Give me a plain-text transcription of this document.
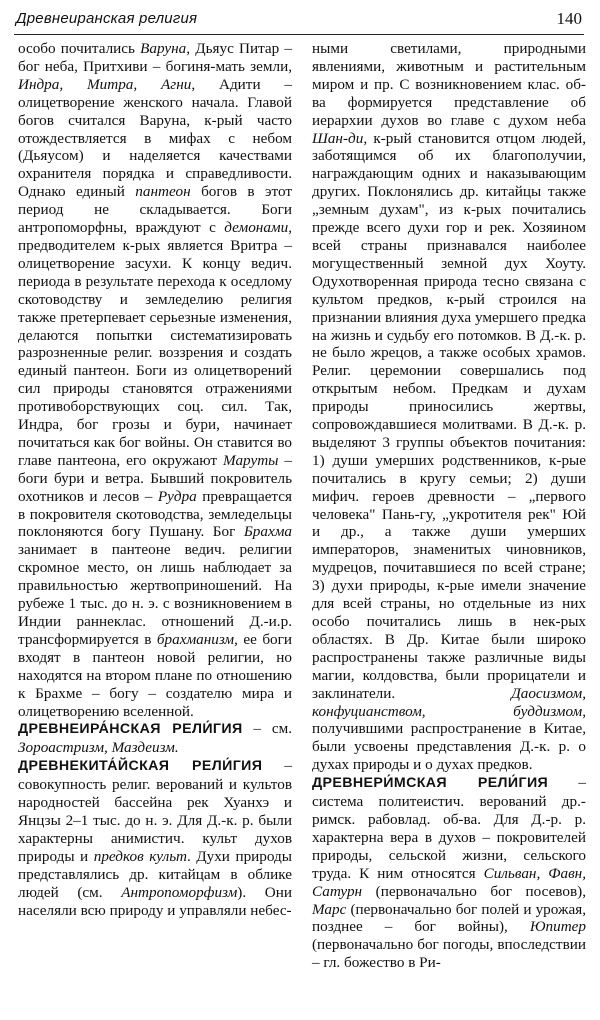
Древнеиранская религия	140

особо почитались Варуна, Дьяус Питар – бог неба, Притхиви – богиня-мать земли, Индра, Митра, Агни, Адити – олицетворение женского начала. Главой богов считался Варуна, к-рый часто отождествляется в мифах с небом (Дьяусом) и наделяется качествами охранителя порядка и справедливости. Однако единый пантеон богов в этот период не складывается. Боги антропоморфны, враждуют с демонами, предводителем к-рых является Вритра – олицетворение засухи. К концу ведич. периода в результате перехода к оседлому скотоводству и земледелию религия также претерпевает серьезные изменения, делаются попытки систематизировать разрозненные религ. воззрения и создать единый пантеон. Боги из олицетворений сил природы становятся отражениями противоборствующих соц. сил. Так, Индра, бог грозы и бури, начинает почитаться как бог войны. Он ставится во главе пантеона, его окружают Маруты – боги бури и ветра. Бывший покровитель охотников и лесов – Рудра превращается в покровителя скотоводства, земледельцы поклоняются богу Пушану. Бог Брахма занимает в пантеоне ведич. религии скромное место, он лишь наблюдает за правильностью жертвоприношений. На рубеже 1 тыс. до н. э. с возникновением в Индии раннеклас. отношений Д.-и.р. трансформируется в брахманизм, ее боги входят в пантеон новой религии, но находятся на втором плане по отношению к Брахме – богу – создателю мира и олицетворению вселенной.

ДРЕВНЕИРА́НСКАЯ РЕЛИ́ГИЯ – см. Зороастризм, Маздеизм.

ДРЕВНЕКИТА́ЙСКАЯ РЕЛИ́ГИЯ – совокупность религ. верований и культов народностей бассейна рек Хуанхэ и Янцзы 2–1 тыс. до н. э. Для Д.-к. р. были характерны анимистич. культ духов природы и предков культ. Духи природы представлялись др. китайцам в облике людей (см. Антропоморфизм). Они населяли всю природу и управляли небес-

ными светилами, природными явлениями, животным и растительным миром и пр. С возникновением клас. об-ва формируется представление об иерархии духов во главе с духом неба Шан-ди, к-рый становится отцом людей, заботящимся об их благополучии, награждающим одних и наказывающим других. Поклонялись др. китайцы также „земным духам", из к-рых почитались прежде всего духи гор и рек. Хозяином всей страны признавался наиболее могущественный земной дух Хоуту. Одухотворенная природа тесно связана с культом предков, к-рый строился на признании влияния духа умершего предка на жизнь и судьбу его потомков. В Д.-к. р. не было жрецов, а также особых храмов. Религ. церемонии совершались под открытым небом. Предкам и духам природы приносились жертвы, сопровождавшиеся молитвами. В Д.-к. р. выделяют 3 группы объектов почитания: 1) души умерших родственников, к-рые почитались в кругу семьи; 2) души мифич. героев древности – „первого человека" Пань-гу, „укротителя рек" Юй и др., а также души умерших императоров, знаменитых чиновников, мудрецов, почитавшиеся по всей стране; 3) духи природы, к-рые имели значение для всей страны, но отдельные из них особо почитались лишь в нек-рых областях. В Др. Китае были широко распространены также различные виды магии, колдовства, были прорицатели и заклинатели. Даосизмом, конфуцианством, буддизмом, получившими распространение в Китае, были усвоены представления Д.-к. р. о духах природы и о духах предков.

ДРЕВНЕРИ́МСКАЯ РЕЛИ́ГИЯ – система политеистич. верований др.-римск. рабовлад. об-ва. Для Д.-р. р. характерна вера в духов – покровителей природы, сельской жизни, сельского труда. К ним относятся Сильван, Фавн, Сатурн (первоначально бог посевов), Марс (первоначально бог полей и урожая, позднее – бог войны), Юпитер (первоначально бог погоды, впоследствии – гл. божество в Ри-
